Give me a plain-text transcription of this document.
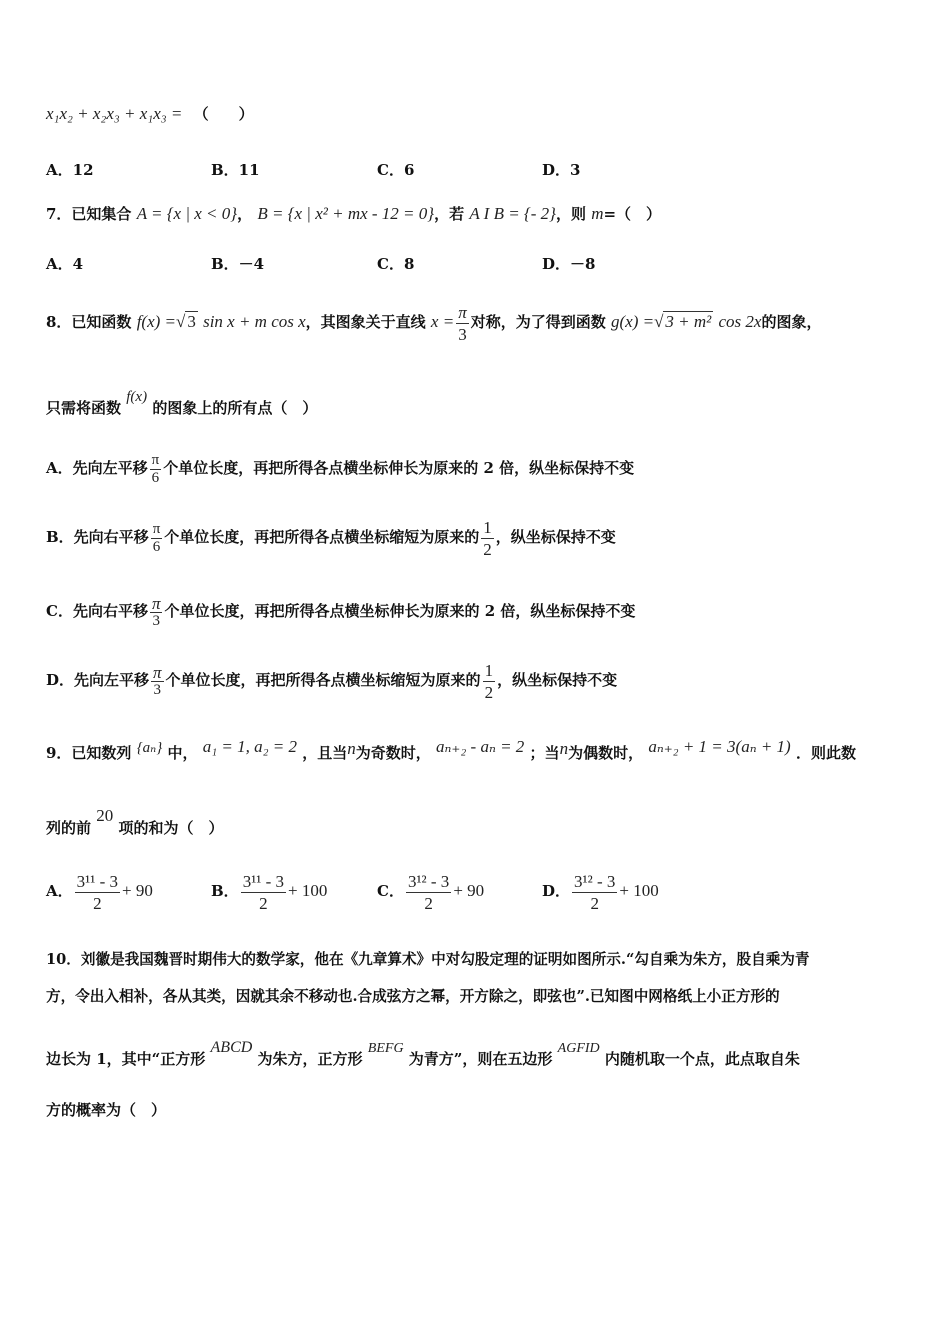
x₁x₂ + x₂x₃ + x₁x₃ = （　　）
A．12	B．11	C．6	D．3
7．已知集合 A = {x | x < 0}， B = {x | x² + mx - 12 = 0}，若 A I B = {- 2}，则 m=（　）
A．4	B．－4	C．8	D．－8
8．已知函数 f(x) =√ 3 sin x + m cos x，其图象关于直线 $x = \frac{\pi}{3}$ 对称，为了得到函数 g(x) =√ 3 + m² cos 2x的图象，
只需将函数 f(x) 的图象上的所有点（　）
A．先向左平移 $\frac{\pi}{6}$ 个单位长度，再把所得各点横坐标伸长为原来的 2 倍，纵坐标保持不变
B．先向右平移 $\frac{\pi}{6}$ 个单位长度，再把所得各点横坐标缩短为原来的 $\frac{1}{2}$ ，纵坐标保持不变
C．先向右平移 $\frac{\pi}{3}$ 个单位长度，再把所得各点横坐标伸长为原来的 2 倍，纵坐标保持不变
D．先向左平移 $\frac{\pi}{3}$ 个单位长度，再把所得各点横坐标缩短为原来的 $\frac{1}{2}$ ，纵坐标保持不变
9．已知数列 {aₙ} 中， a₁ = 1, a₂ = 2 ，且当n为奇数时， aₙ₊₂ - aₙ = 2 ；当n为偶数时， aₙ₊₂ + 1 = 3(aₙ + 1) ．则此数
列的前 20 项的和为（　）
A． $\frac{\text{3¹¹ - 3}}{2} + 90$	B． $\frac{\text{3¹¹ - 3}}{2} + 100$	C． $\frac{\text{3¹² - 3}}{2} + 90$	D． $\frac{\text{3¹² - 3}}{2} + 100$
10．刘徽是我国魏晋时期伟大的数学家，他在《九章算术》中对勾股定理的证明如图所示.“勾自乘为朱方，股自乘为青
方，令出入相补，各从其类，因就其余不移动也.合成弦方之幂，开方除之，即弦也”.已知图中网格纸上小正方形的
边长为 1，其中“正方形 ABCD 为朱方，正方形 BEFG 为青方”，则在五边形 AGFID 内随机取一个点，此点取自朱
方的概率为（　）
